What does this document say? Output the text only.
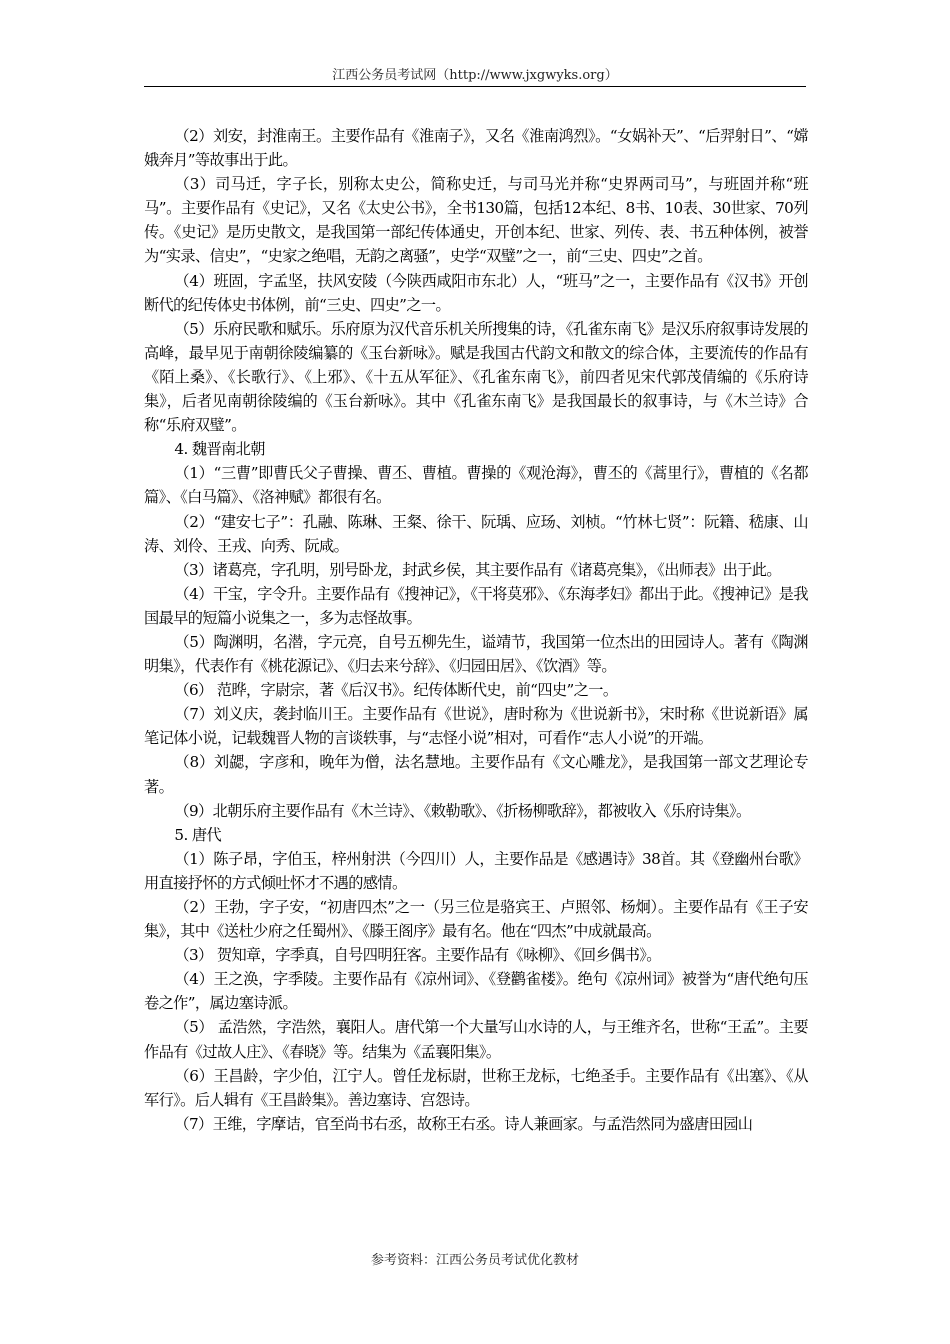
江西公务员考试网（http://www.jxgwyks.org）

（2）刘安，封淮南王。主要作品有《淮南子》，又名《淮南鸿烈》。“女娲补天”、“后羿射日”、“嫦娥奔月”等故事出于此。

（3）司马迁，字子长，别称太史公，简称史迁，与司马光并称“史界两司马”，与班固并称“班马”。主要作品有《史记》，又名《太史公书》，全书130篇，包括12本纪、8书、10表、30世家、70列传。《史记》是历史散文，是我国第一部纪传体通史，开创本纪、世家、列传、表、书五种体例，被誉为“实录、信史”，“史家之绝唱，无韵之离骚”，史学“双璧”之一，前“三史、四史”之首。

（4）班固，字孟坚，扶风安陵（今陕西咸阳市东北）人，“班马”之一，主要作品有《汉书》开创断代的纪传体史书体例，前“三史、四史”之一。

（5）乐府民歌和赋乐。乐府原为汉代音乐机关所搜集的诗，《孔雀东南飞》是汉乐府叙事诗发展的高峰，最早见于南朝徐陵编纂的《玉台新咏》。赋是我国古代韵文和散文的综合体，主要流传的作品有《陌上桑》、《长歌行》、《上邪》、《十五从军征》、《孔雀东南飞》，前四者见宋代郭茂倩编的《乐府诗集》，后者见南朝徐陵编的《玉台新咏》。其中《孔雀东南飞》是我国最长的叙事诗，与《木兰诗》合称“乐府双璧”。

4. 魏晋南北朝

（1）“三曹”即曹氏父子曹操、曹丕、曹植。曹操的《观沧海》，曹丕的《蒿里行》，曹植的《名都篇》、《白马篇》、《洛神赋》都很有名。

（2）“建安七子”：孔融、陈琳、王粲、徐干、阮瑀、应玚、刘桢。“竹林七贤”：阮籍、嵇康、山涛、刘伶、王戎、向秀、阮咸。

（3）诸葛亮，字孔明，别号卧龙，封武乡侯，其主要作品有《诸葛亮集》，《出师表》出于此。

（4）干宝，字令升。主要作品有《搜神记》，《干将莫邪》、《东海孝妇》都出于此。《搜神记》是我国最早的短篇小说集之一，多为志怪故事。

（5）陶渊明，名潜，字元亮，自号五柳先生，谥靖节，我国第一位杰出的田园诗人。著有《陶渊明集》，代表作有《桃花源记》、《归去来兮辞》、《归园田居》、《饮酒》等。

（6） 范晔，字尉宗，著《后汉书》。纪传体断代史，前“四史”之一。

（7）刘义庆，袭封临川王。主要作品有《世说》，唐时称为《世说新书》，宋时称《世说新语》属笔记体小说，记载魏晋人物的言谈轶事，与“志怪小说”相对，可看作“志人小说”的开端。

（8）刘勰，字彦和，晚年为僧，法名慧地。主要作品有《文心雕龙》，是我国第一部文艺理论专著。

（9）北朝乐府主要作品有《木兰诗》、《敕勒歌》、《折杨柳歌辞》，都被收入《乐府诗集》。

5. 唐代

（1）陈子昂，字伯玉，梓州射洪（今四川）人，主要作品是《感遇诗》38首。其《登幽州台歌》用直接抒怀的方式倾吐怀才不遇的感情。

（2）王勃，字子安，“初唐四杰”之一（另三位是骆宾王、卢照邻、杨炯）。主要作品有《王子安集》，其中《送杜少府之任蜀州》、《滕王阁序》最有名。他在“四杰”中成就最高。

（3） 贺知章，字季真，自号四明狂客。主要作品有《咏柳》、《回乡偶书》。

（4）王之涣，字季陵。主要作品有《凉州词》、《登鹳雀楼》。绝句《凉州词》被誉为“唐代绝句压卷之作”，属边塞诗派。

（5） 孟浩然，字浩然，襄阳人。唐代第一个大量写山水诗的人，与王维齐名，世称“王孟”。主要作品有《过故人庄》、《春晓》等。结集为《孟襄阳集》。

（6）王昌龄，字少伯，江宁人。曾任龙标尉，世称王龙标，七绝圣手。主要作品有《出塞》、《从军行》。后人辑有《王昌龄集》。善边塞诗、宫怨诗。

（7）王维，字摩诘，官至尚书右丞，故称王右丞。诗人兼画家。与孟浩然同为盛唐田园山

参考资料：江西公务员考试优化教材
